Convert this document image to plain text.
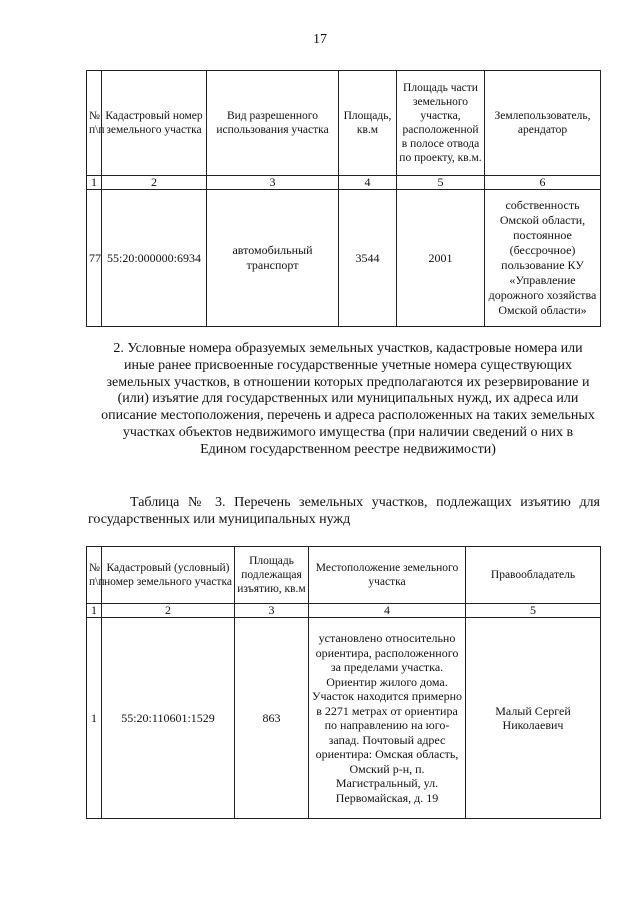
17
№ п\п	Кадастровый номер земельного участка	Вид разрешенного использования участка	Площадь, кв.м	Площадь части земельного участка, расположенной в полосе отвода по проекту, кв.м.	Землепользователь, арендатор
1	2	3	4	5	6
77	55:20:000000:6934	автомобильный транспорт	3544	2001	собственность Омской области, постоянное (бессрочное) пользование КУ «Управление дорожного хозяйства Омской области»
2. Условные номера образуемых земельных участков, кадастровые номера или иные ранее присвоенные государственные учетные номера существующих земельных участков, в отношении которых предполагаются их резервирование и (или) изъятие для государственных или муниципальных нужд, их адреса или описание местоположения, перечень и адреса расположенных на таких земельных участках объектов недвижимого имущества (при наличии сведений о них в Едином государственном реестре недвижимости)
Таблица № 3. Перечень земельных участков, подлежащих изъятию для государственных или муниципальных нужд
№ п\п	Кадастровый (условный) номер земельного участка	Площадь подлежащая изъятию, кв.м	Местоположение земельного участка	Правообладатель
1	2	3	4	5
1	55:20:110601:1529	863	установлено относительно ориентира, расположенного за пределами участка. Ориентир жилого дома. Участок находится примерно в 2271 метрах от ориентира по направлению на юго-запад. Почтовый адрес ориентира: Омская область, Омский р-н, п. Магистральный, ул. Первомайская, д. 19	Малый Сергей Николаевич
